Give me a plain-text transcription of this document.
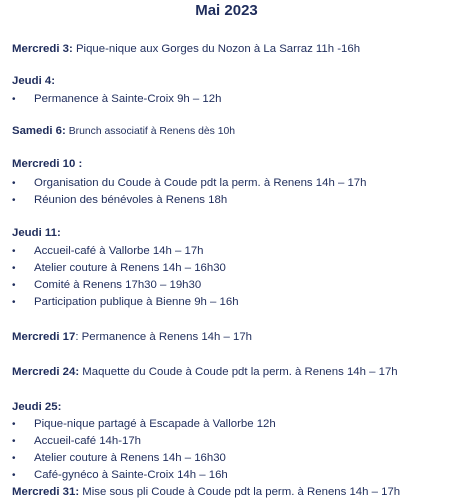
Mai 2023
Mercredi 3: Pique-nique aux Gorges du Nozon à La Sarraz 11h -16h
Jeudi 4:
• Permanence à Sainte-Croix 9h – 12h
Samedi 6: Brunch associatif à Renens dès 10h
Mercredi 10 :
• Organisation du Coude à Coude pdt la perm. à Renens 14h – 17h
• Réunion des bénévoles à Renens 18h
Jeudi 11:
• Accueil-café à Vallorbe 14h – 17h
• Atelier couture à Renens 14h – 16h30
• Comité à Renens 17h30 – 19h30
• Participation publique à Bienne 9h – 16h
Mercredi 17: Permanence à Renens 14h – 17h
Mercredi 24: Maquette du Coude à Coude pdt la perm. à Renens 14h – 17h
Jeudi 25:
• Pique-nique partagé à Escapade à Vallorbe 12h
• Accueil-café 14h-17h
• Atelier couture à Renens 14h – 16h30
• Café-gynéco à Sainte-Croix 14h – 16h
Mercredi 31: Mise sous pli Coude à Coude pdt la perm. à Renens 14h – 17h
